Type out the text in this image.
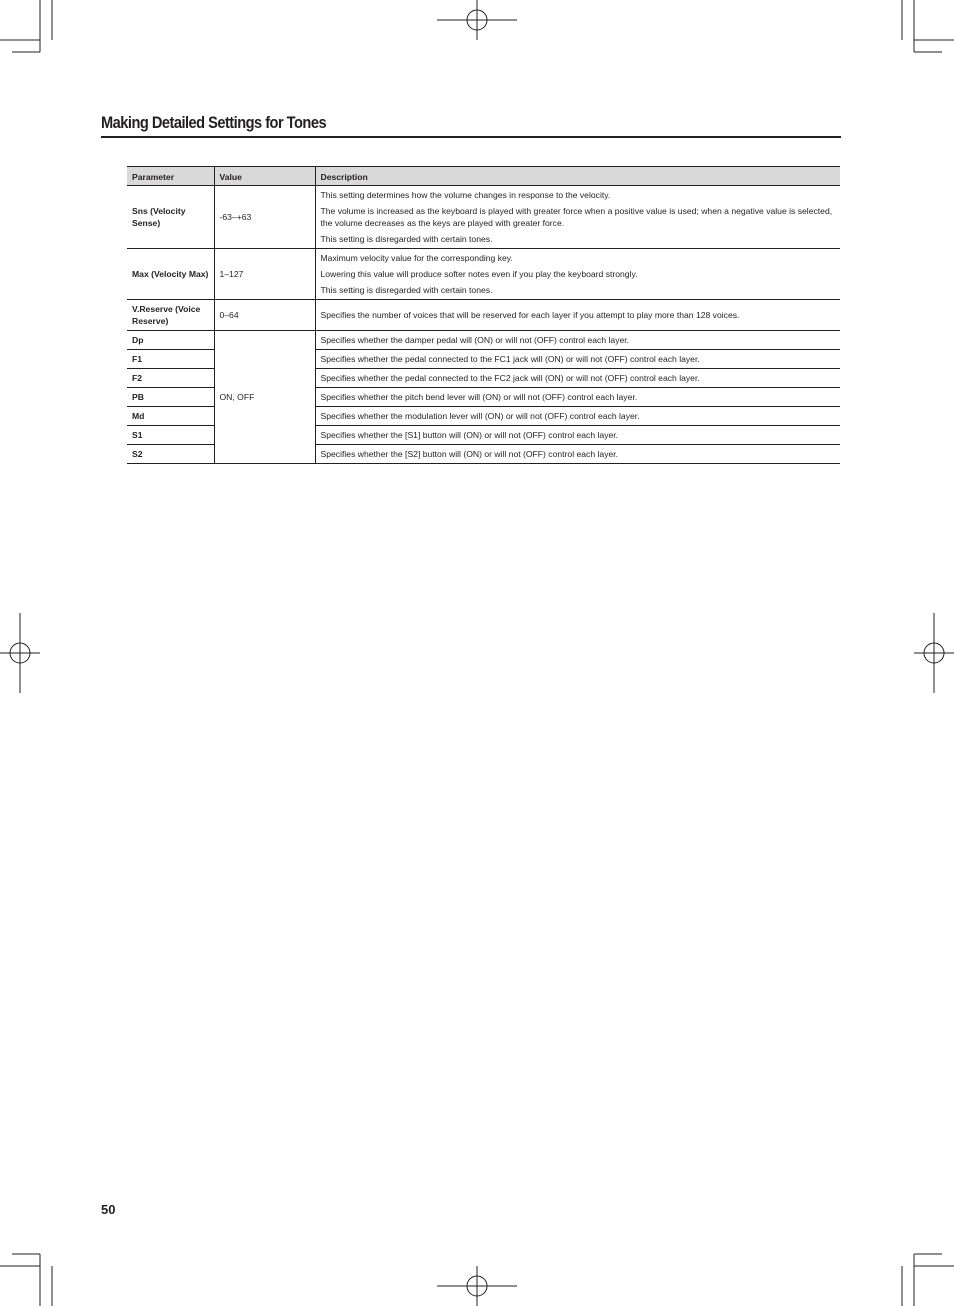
Making Detailed Settings for Tones
Parameter	Value	Description
Sns (Velocity Sense)	-63–+63	This setting determines how the volume changes in response to the velocity.

The volume is increased as the keyboard is played with greater force when a positive value is used; when a negative value is selected, the volume decreases as the keys are played with greater force.

This setting is disregarded with certain tones.

Max (Velocity Max)	1–127	Maximum velocity value for the corresponding key.

Lowering this value will produce softer notes even if you play the keyboard strongly.

This setting is disregarded with certain tones.

V.Reserve (Voice Reserve)	0–64	Specifies the number of voices that will be reserved for each layer if you attempt to play more than 128 voices.

Dp	ON, OFF	Specifies whether the damper pedal will (ON) or will not (OFF) control each layer.
F1		Specifies whether the pedal connected to the FC1 jack will (ON) or will not (OFF) control each layer.
F2		Specifies whether the pedal connected to the FC2 jack will (ON) or will not (OFF) control each layer.
PB		Specifies whether the pitch bend lever will (ON) or will not (OFF) control each layer.
Md		Specifies whether the modulation lever will (ON) or will not (OFF) control each layer.
S1		Specifies whether the [S1] button will (ON) or will not (OFF) control each layer.
S2		Specifies whether the [S2] button will (ON) or will not (OFF) control each layer.
50
